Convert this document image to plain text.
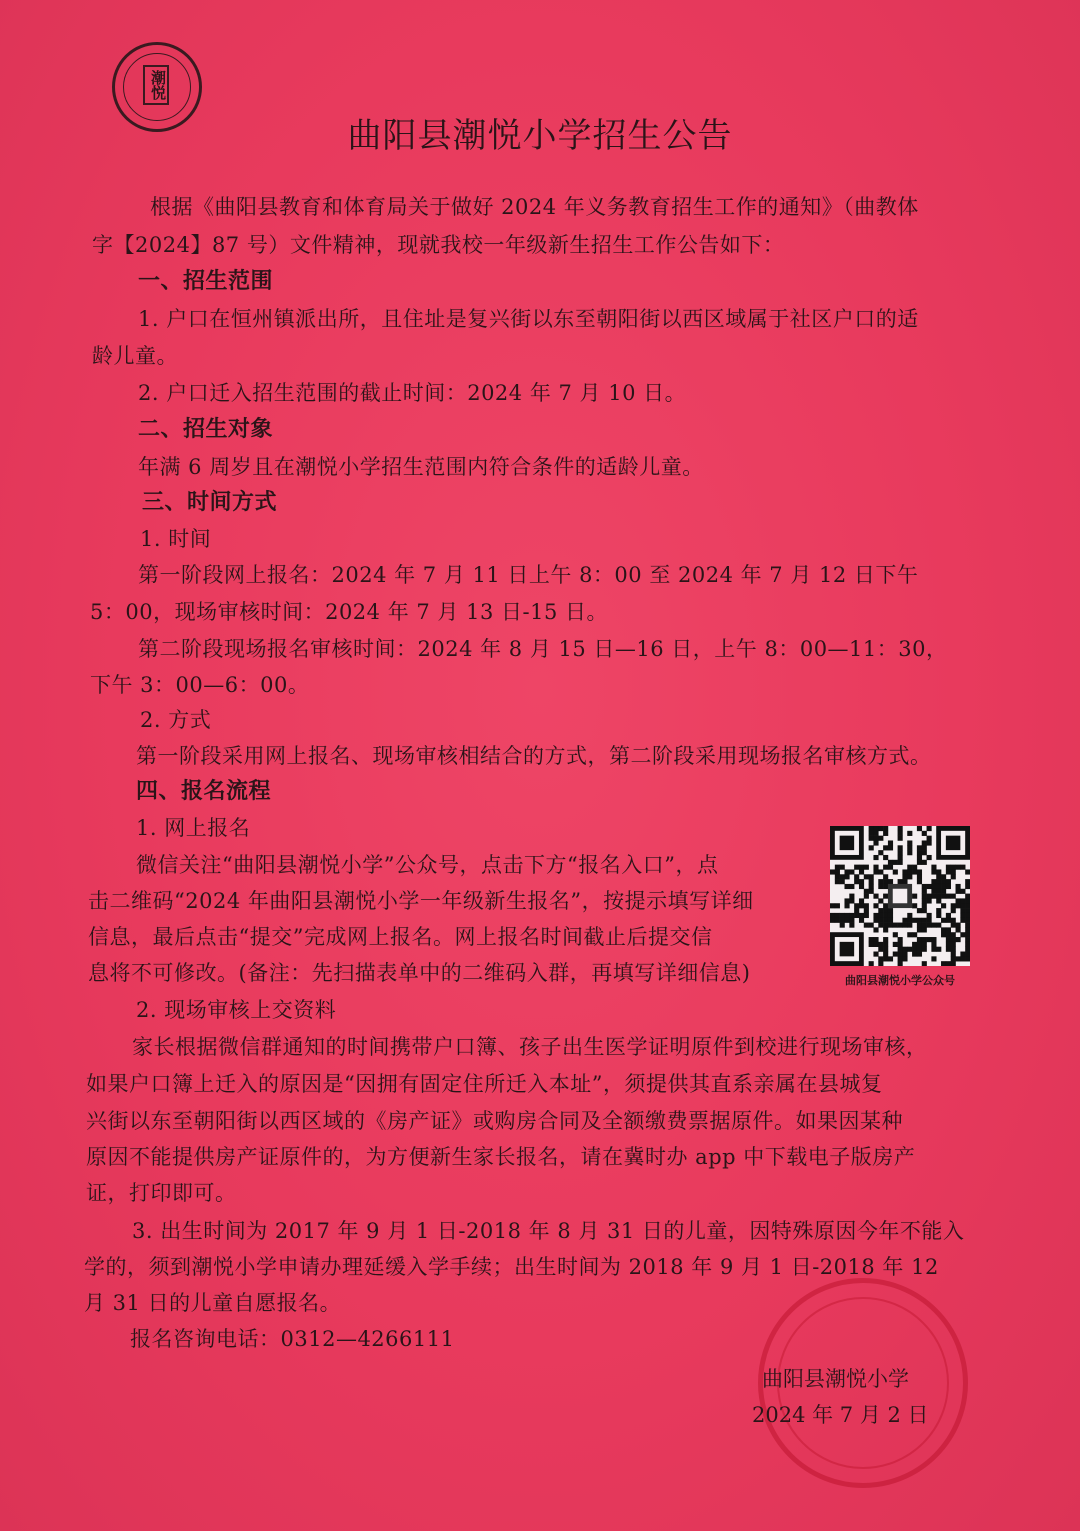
潮悦
曲阳县潮悦小学招生公告
根据《曲阳县教育和体育局关于做好 2024 年义务教育招生工作的通知》（曲教体
字【2024】87 号）文件精神，现就我校一年级新生招生工作公告如下：
一、招生范围
1. 户口在恒州镇派出所，且住址是复兴街以东至朝阳街以西区域属于社区户口的适
龄儿童。
2. 户口迁入招生范围的截止时间：2024 年 7 月 10 日。
二、招生对象
年满 6 周岁且在潮悦小学招生范围内符合条件的适龄儿童。
三、时间方式
1. 时间
第一阶段网上报名：2024 年 7 月 11 日上午 8：00 至 2024 年 7 月 12 日下午
5：00，现场审核时间：2024 年 7 月 13 日-15 日。
第二阶段现场报名审核时间：2024 年 8 月 15 日—16 日，上午 8：00—11：30，
下午 3：00—6：00。
2. 方式
第一阶段采用网上报名、现场审核相结合的方式，第二阶段采用现场报名审核方式。
四、报名流程
1. 网上报名
微信关注“曲阳县潮悦小学”公众号，点击下方“报名入口”，点
击二维码“2024 年曲阳县潮悦小学一年级新生报名”，按提示填写详细
信息，最后点击“提交”完成网上报名。网上报名时间截止后提交信
息将不可修改。(备注：先扫描表单中的二维码入群，再填写详细信息)	曲阳县潮悦小学公众号
2. 现场审核上交资料
家长根据微信群通知的时间携带户口簿、孩子出生医学证明原件到校进行现场审核，
如果户口簿上迁入的原因是“因拥有固定住所迁入本址”，须提供其直系亲属在县城复
兴街以东至朝阳街以西区域的《房产证》或购房合同及全额缴费票据原件。如果因某种
原因不能提供房产证原件的，为方便新生家长报名，请在冀时办 app 中下载电子版房产
证，打印即可。
3. 出生时间为 2017 年 9 月 1 日-2018 年 8 月 31 日的儿童，因特殊原因今年不能入
学的，须到潮悦小学申请办理延缓入学手续；出生时间为 2018 年 9 月 1 日-2018 年 12
月 31 日的儿童自愿报名。
报名咨询电话：0312—4266111
曲阳县潮悦小学
2024 年 7 月 2 日
